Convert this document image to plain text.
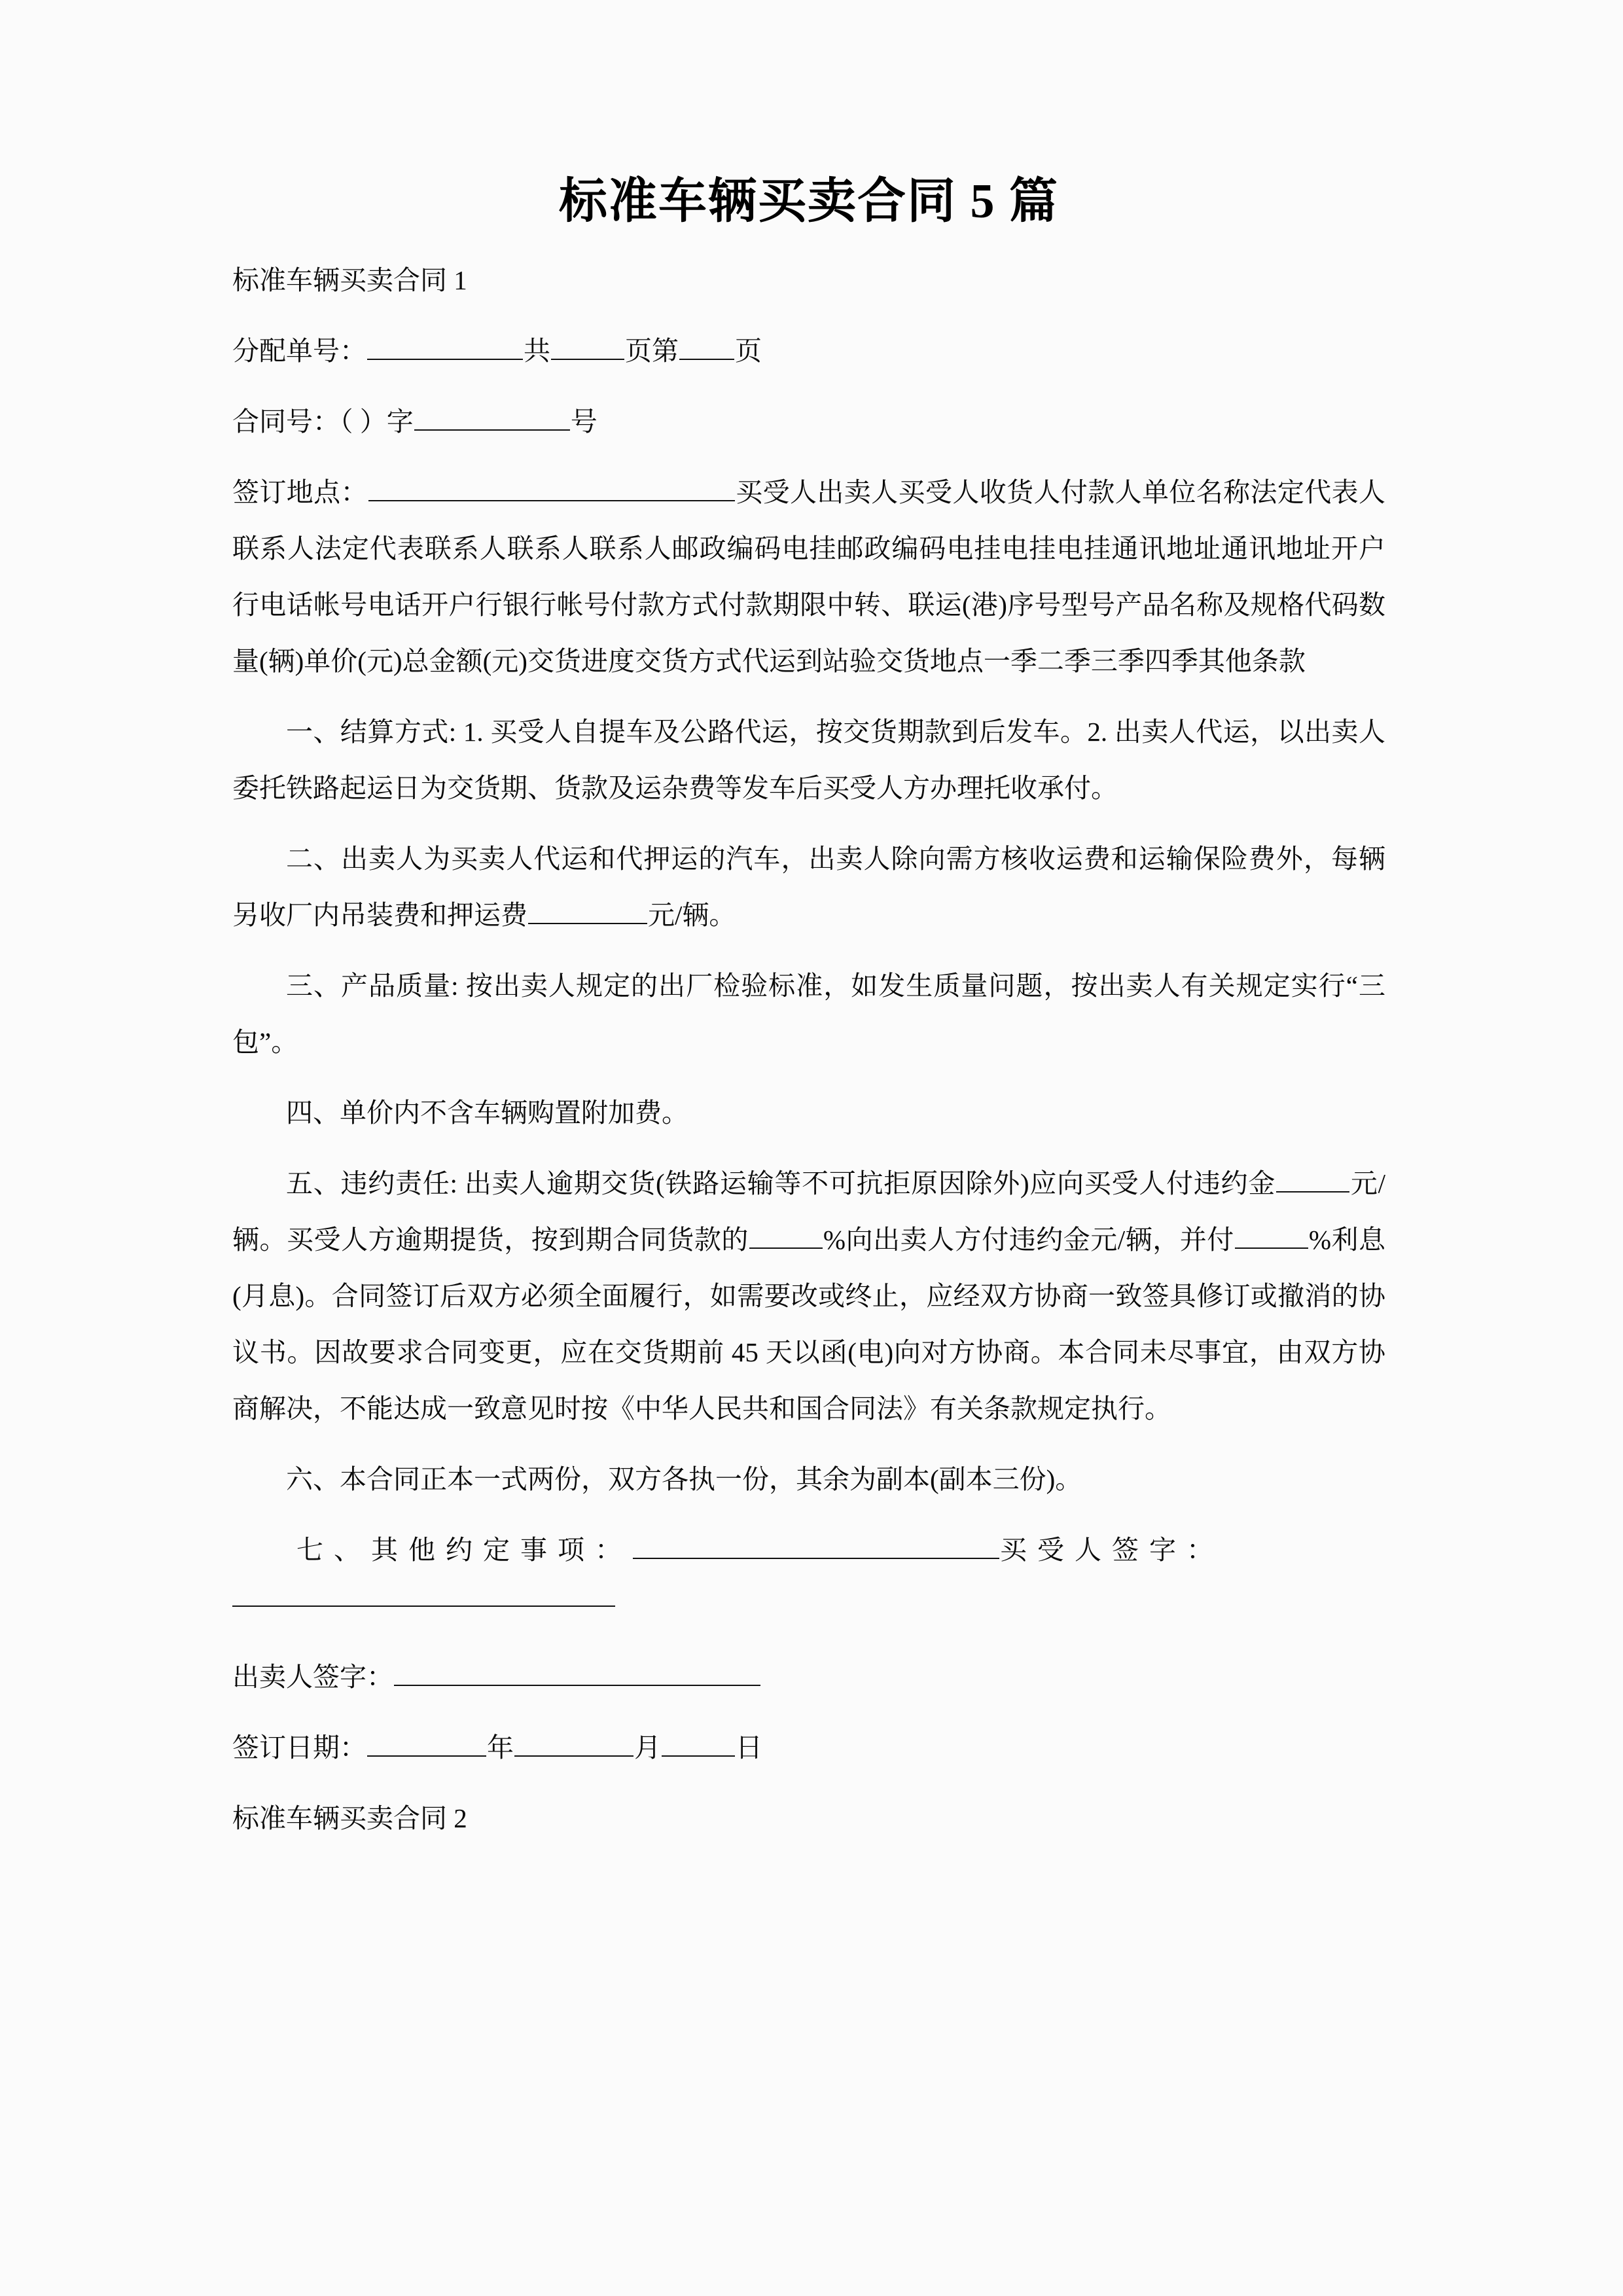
标准车辆买卖合同 5 篇

标准车辆买卖合同 1

分配单号：	共	页第 页

合同号：（ ）字	号

签订地点：	买受人出卖人买受人收货人付款人单位名称法定代表人联系人法定代表联系人联系人联系人邮政编码电挂邮政编码电挂电挂电挂通讯地址通讯地址开户行电话帐号电话开户行银行帐号付款方式付款期限中转、联运(港)序号型号产品名称及规格代码数量(辆)单价(元)总金额(元)交货进度交货方式代运到站验交货地点一季二季三季四季其他条款

一、结算方式: 1. 买受人自提车及公路代运，按交货期款到后发车。2. 出卖人代运，以出卖人委托铁路起运日为交货期、货款及运杂费等发车后买受人方办理托收承付。

二、出卖人为买卖人代运和代押运的汽车，出卖人除向需方核收运费和运输保险费外，每辆另收厂内吊装费和押运费	元/辆。

三、产品质量: 按出卖人规定的出厂检验标准，如发生质量问题，按出卖人有关规定实行“三包”。

四、单价内不含车辆购置附加费。

五、违约责任: 出卖人逾期交货(铁路运输等不可抗拒原因除外)应向买受人付违约金	元/辆。买受人方逾期提货，按到期合同货款的	%向出卖人方付违约金元/辆，并付	%利息(月息)。合同签订后双方必须全面履行，如需要改或终止，应经双方协商一致签具修订或撤消的协议书。因故要求合同变更，应在交货期前 45 天以函(电)向对方协商。本合同未尽事宜，由双方协商解决，不能达成一致意见时按《中华人民共和国合同法》有关条款规定执行。

六、本合同正本一式两份，双方各执一份，其余为副本(副本三份)。

七、其他约定事项：	买受人签字：

出卖人签字：

签订日期：	年	月	日

标准车辆买卖合同 2
